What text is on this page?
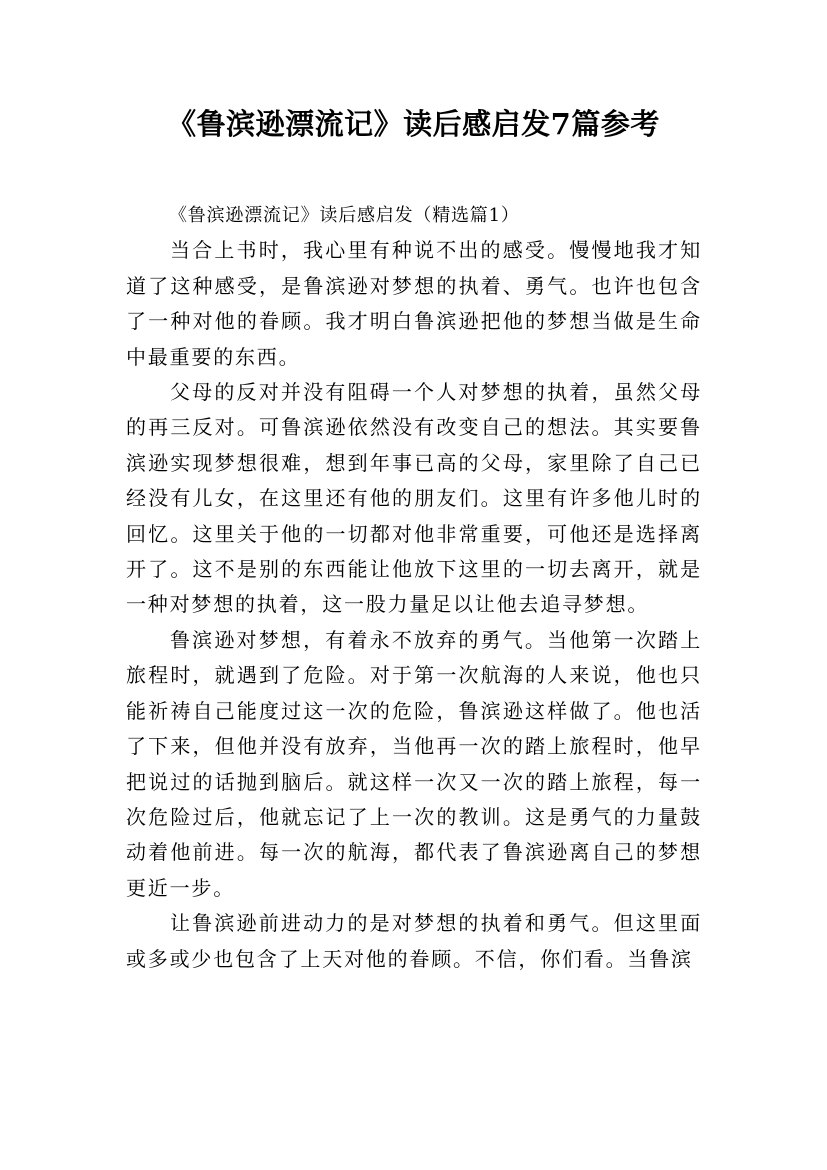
《鲁滨逊漂流记》读后感启发7篇参考

《鲁滨逊漂流记》读后感启发（精选篇1）

当合上书时，我心里有种说不出的感受。慢慢地我才知道了这种感受，是鲁滨逊对梦想的执着、勇气。也许也包含了一种对他的眷顾。我才明白鲁滨逊把他的梦想当做是生命中最重要的东西。

父母的反对并没有阻碍一个人对梦想的执着，虽然父母的再三反对。可鲁滨逊依然没有改变自己的想法。其实要鲁滨逊实现梦想很难，想到年事已高的父母，家里除了自己已经没有儿女，在这里还有他的朋友们。这里有许多他儿时的回忆。这里关于他的一切都对他非常重要，可他还是选择离开了。这不是别的东西能让他放下这里的一切去离开，就是一种对梦想的执着，这一股力量足以让他去追寻梦想。

鲁滨逊对梦想，有着永不放弃的勇气。当他第一次踏上旅程时，就遇到了危险。对于第一次航海的人来说，他也只能祈祷自己能度过这一次的危险，鲁滨逊这样做了。他也活了下来，但他并没有放弃，当他再一次的踏上旅程时，他早把说过的话抛到脑后。就这样一次又一次的踏上旅程，每一次危险过后，他就忘记了上一次的教训。这是勇气的力量鼓动着他前进。每一次的航海，都代表了鲁滨逊离自己的梦想更近一步。

让鲁滨逊前进动力的是对梦想的执着和勇气。但这里面或多或少也包含了上天对他的眷顾。不信，你们看。当鲁滨
